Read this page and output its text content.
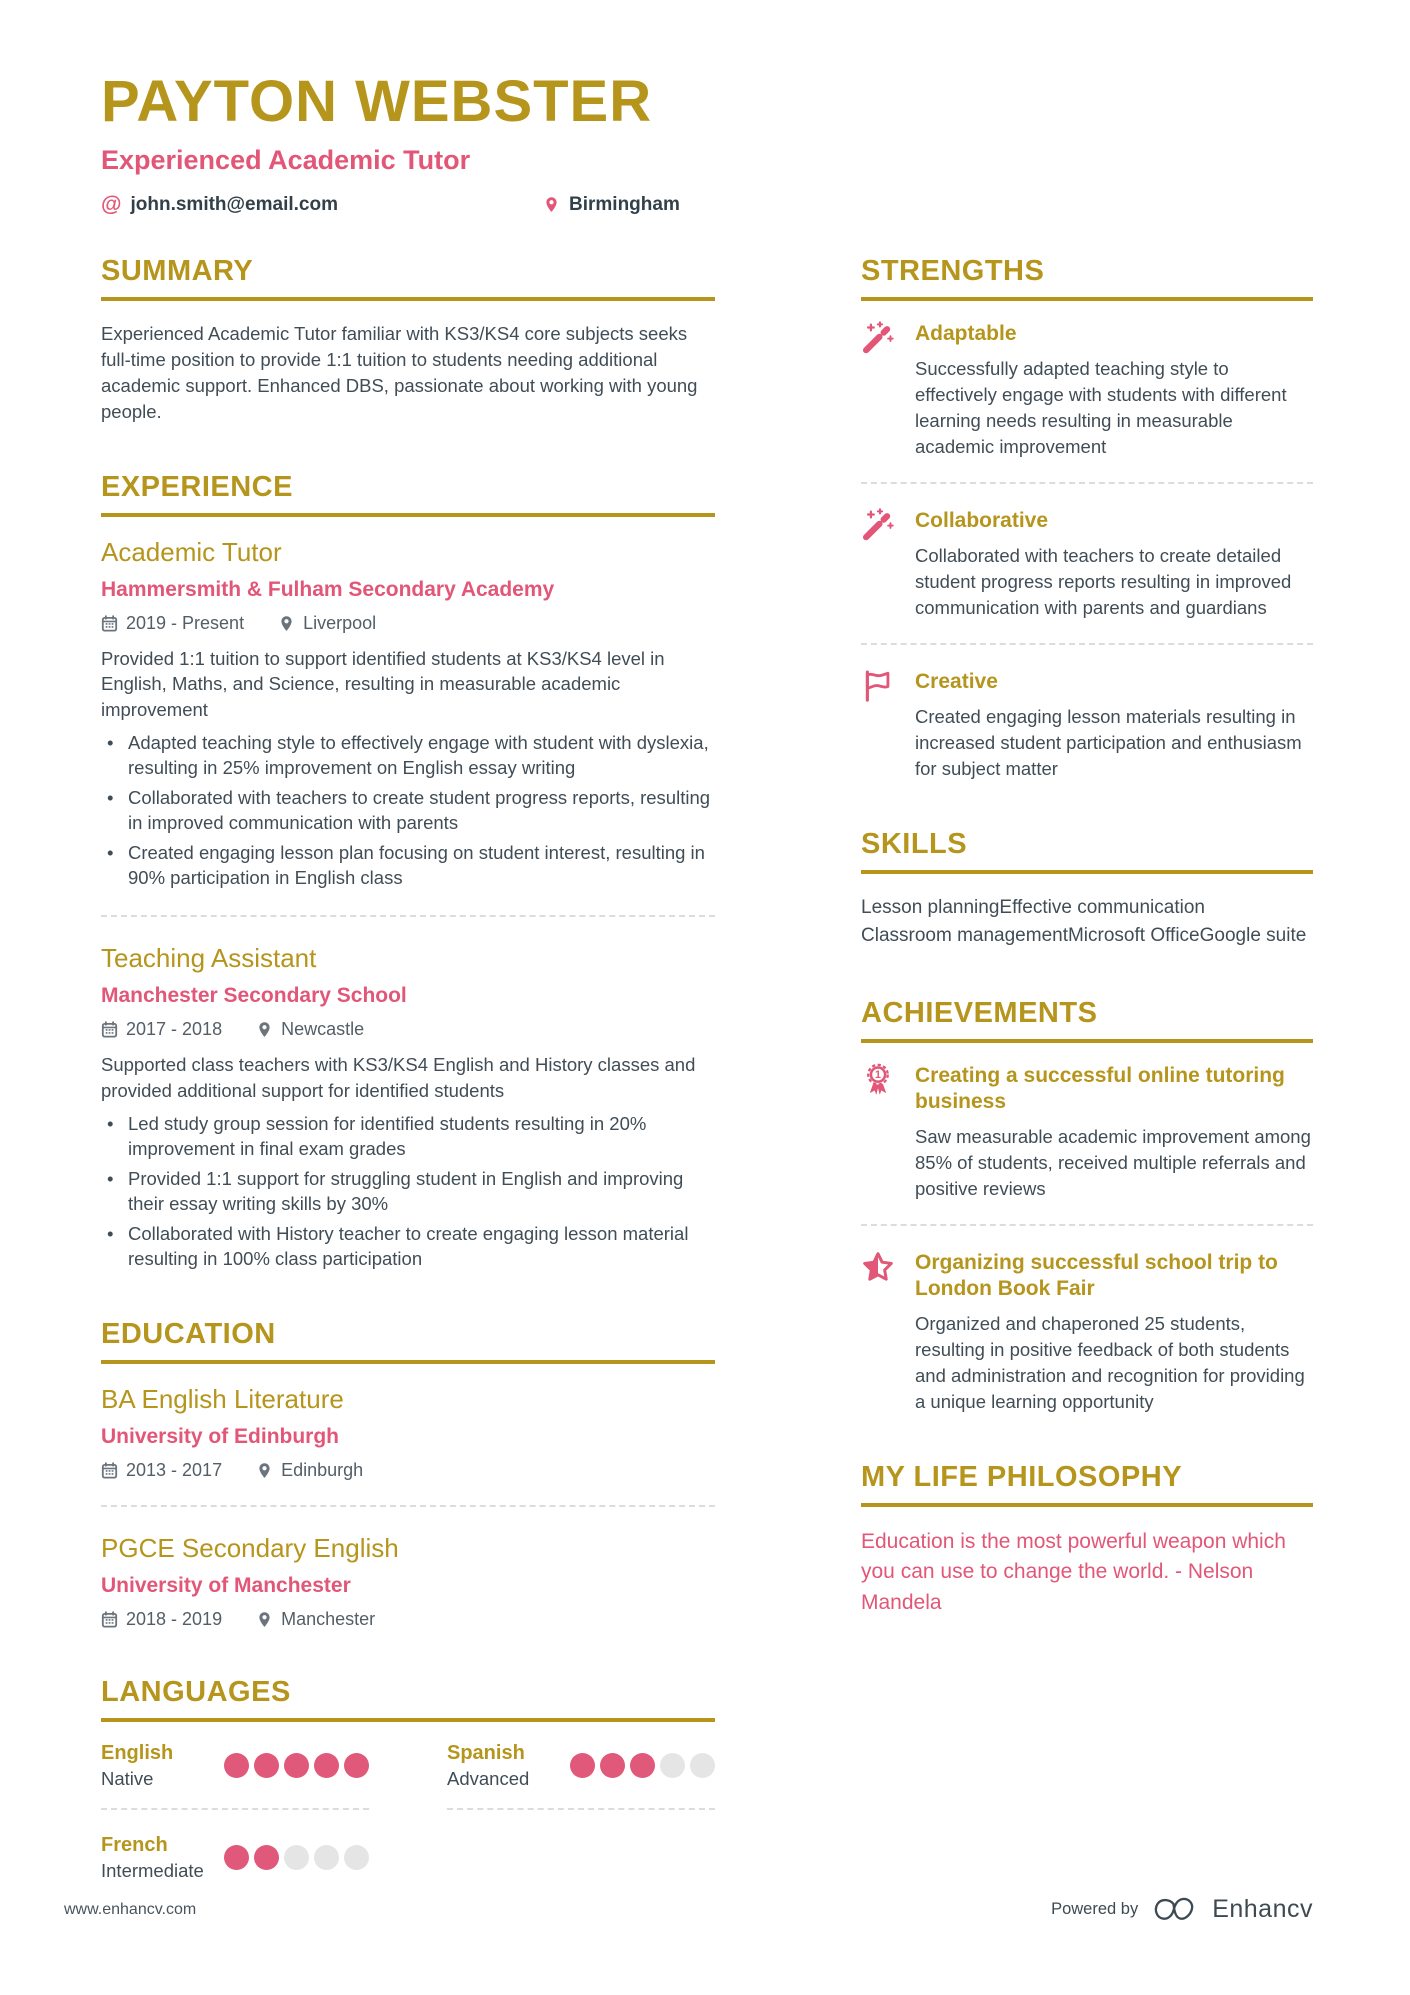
PAYTON WEBSTER
Experienced Academic Tutor
@ john.smith@email.com	Birmingham
SUMMARY

Experienced Academic Tutor familiar with KS3/KS4 core subjects seeks full-time position to provide 1:1 tuition to students needing additional academic support. Enhanced DBS, passionate about working with young people.

EXPERIENCE
Academic Tutor
Hammersmith & Fulham Secondary Academy
2019 - Present	Liverpool

Provided 1:1 tuition to support identified students at KS3/KS4 level in English, Maths, and Science, resulting in measurable academic improvement

• Adapted teaching style to effectively engage with student with dyslexia, resulting in 25% improvement on English essay writing
• Collaborated with teachers to create student progress reports, resulting in improved communication with parents
• Created engaging lesson plan focusing on student interest, resulting in 90% participation in English class
Teaching Assistant
Manchester Secondary School
2017 - 2018	Newcastle

Supported class teachers with KS3/KS4 English and History classes and provided additional support for identified students

• Led study group session for identified students resulting in 20% improvement in final exam grades
• Provided 1:1 support for struggling student in English and improving their essay writing skills by 30%
• Collaborated with History teacher to create engaging lesson material resulting in 100% class participation
EDUCATION
BA English Literature
University of Edinburgh
2013 - 2017	Edinburgh
PGCE Secondary English
University of Manchester
2018 - 2019	Manchester
LANGUAGES
English
Native
Spanish
Advanced
French
Intermediate
STRENGTHS
Adaptable
Successfully adapted teaching style to effectively engage with students with different learning needs resulting in measurable academic improvement
Collaborative
Collaborated with teachers to create detailed student progress reports resulting in improved communication with parents and guardians
Creative
Created engaging lesson materials resulting in increased student participation and enthusiasm for subject matter
SKILLS
Lesson planningEffective communicationClassroom managementMicrosoft OfficeGoogle suite
ACHIEVEMENTS
1 Creating a successful online tutoring business
Saw measurable academic improvement among 85% of students, received multiple referrals and positive reviews
Organizing successful school trip to London Book Fair
Organized and chaperoned 25 students, resulting in positive feedback of both students and administration and recognition for providing a unique learning opportunity
MY LIFE PHILOSOPHY

Education is the most powerful weapon which you can use to change the world. - Nelson Mandela

www.enhancv.com	Powered by	Enhancv
